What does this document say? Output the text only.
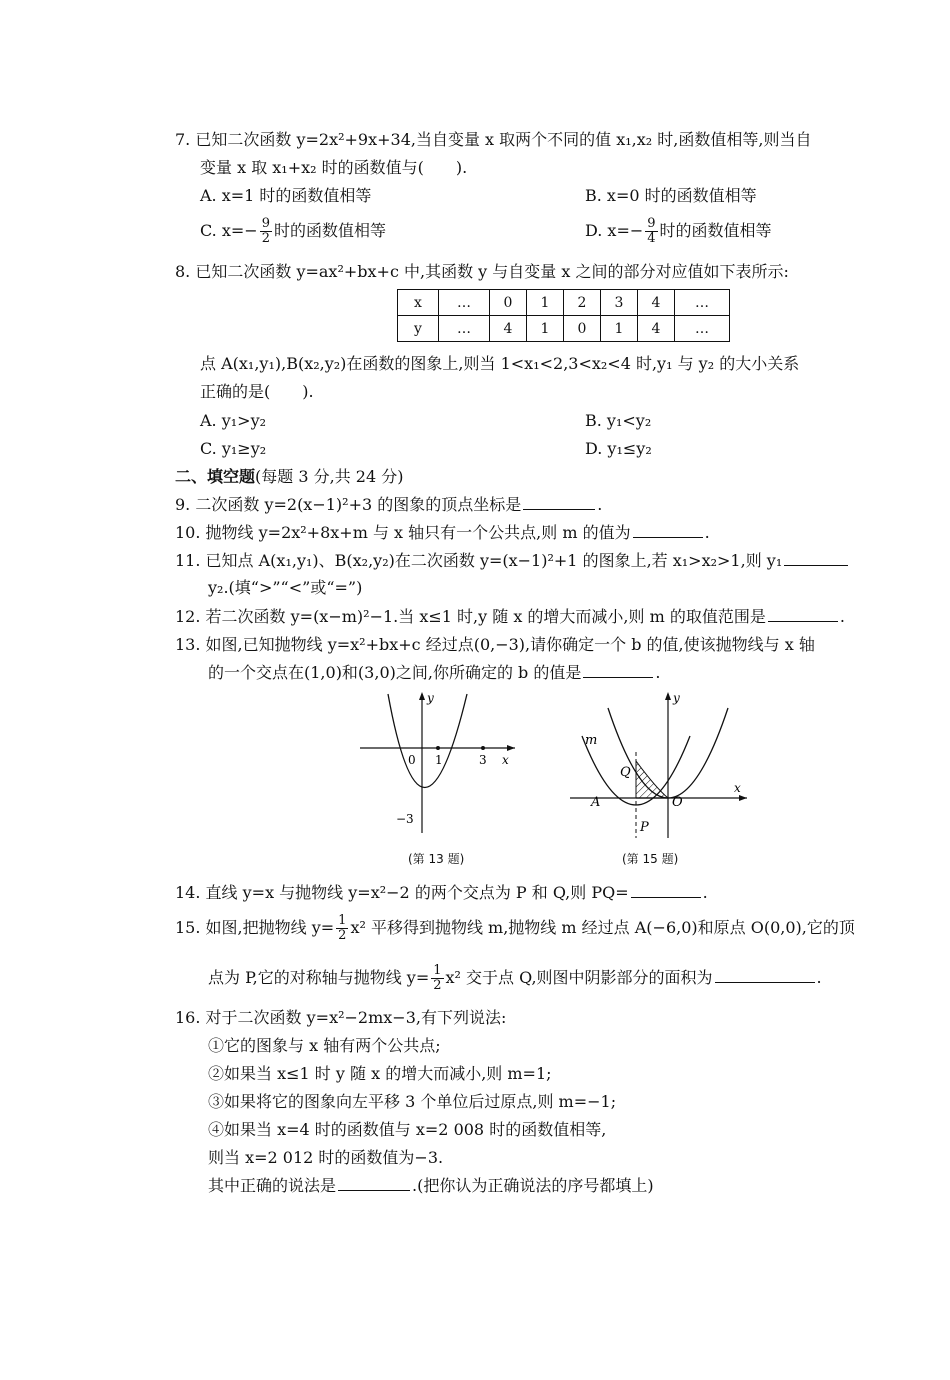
7. 已知二次函数 y=2x²+9x+34,当自变量 x 取两个不同的值 x₁,x₂ 时,函数值相等,则当自
变量 x 取 x₁+x₂ 时的函数值与(　　).
A. x=1 时的函数值相等	B. x=0 时的函数值相等
C. $x=- \frac{9}{2}$ 时的函数值相等	D. $x=- \frac{9}{4}$ 时的函数值相等
8. 已知二次函数 y=ax²+bx+c 中,其函数 y 与自变量 x 之间的部分对应值如下表所示:
x	…	0	1	2	3	4	…
y	…	4	1	0	1	4	…
点 A(x₁,y₁),B(x₂,y₂)在函数的图象上,则当 1<x₁<2,3<x₂<4 时,y₁ 与 y₂ 的大小关系
正确的是(　　).
A. y₁>y₂	B. y₁<y₂
C. y₁≥y₂	D. y₁≤y₂
二、填空题(每题 3 分,共 24 分)
9. 二次函数 y=2(x−1)²+3 的图象的顶点坐标是	.
10. 抛物线 y=2x²+8x+m 与 x 轴只有一个公共点,则 m 的值为	.
11. 已知点 A(x₁,y₁)、B(x₂,y₂)在二次函数 y=(x−1)²+1 的图象上,若 x₁>x₂>1,则 y₁
y₂.(填“>”“<”或“=”)
12. 若二次函数 y=(x−m)²−1.当 x≤1 时,y 随 x 的增大而减小,则 m 的取值范围是	.
13. 如图,已知抛物线 y=x²+bx+c 经过点(0,−3),请你确定一个 b 的值,使该抛物线与 x 轴
的一个交点在(1,0)和(3,0)之间,你所确定的 b 的值是	.
y
x
0 1	3
−3
(第 13 题)
y
x
m
Q
A	O
P
(第 15 题)
14. 直线 y=x 与抛物线 y=x²−2 的两个交点为 P 和 Q,则 PQ=	.
15. 如图,把抛物线 $y= \frac{1}{2} x^2$ 平移得到抛物线 m,抛物线 m 经过点 A(−6,0)和原点 O(0,0),它的顶
点为 P,它的对称轴与抛物线 $y= \frac{1}{2} x^2$ 交于点 Q,则图中阴影部分的面积为	.
16. 对于二次函数 y=x²−2mx−3,有下列说法:
①它的图象与 x 轴有两个公共点;
②如果当 x≤1 时 y 随 x 的增大而减小,则 m=1;
③如果将它的图象向左平移 3 个单位后过原点,则 m=−1;
④如果当 x=4 时的函数值与 x=2 008 时的函数值相等,
则当 x=2 012 时的函数值为−3.
其中正确的说法是	.(把你认为正确说法的序号都填上)
